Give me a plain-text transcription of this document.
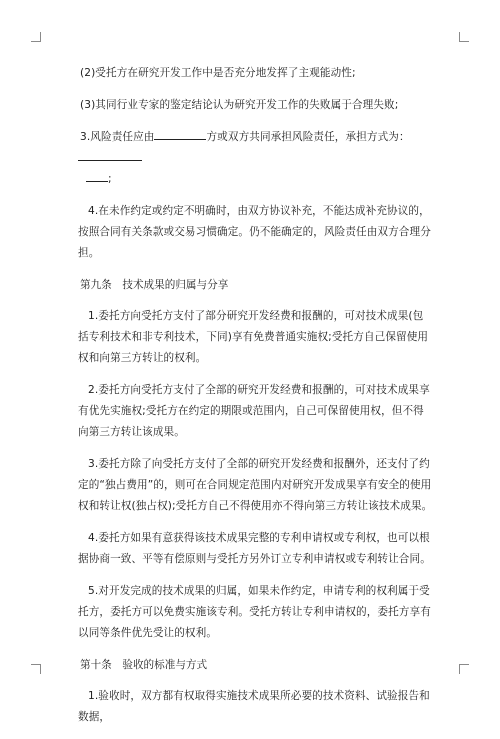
(2)受托方在研究开发工作中是否充分地发挥了主观能动性;

(3)其同行业专家的鉴定结论认为研究开发工作的失败属于合理失败;

3.风险责任应由	方或双方共同承担风险责任，承担方式为：
;

4.在未作约定或约定不明确时，由双方协议补充，不能达成补充协议的，按照合同有关条款或交易习惯确定。仍不能确定的，风险责任由双方合理分担。

第九条　技术成果的归属与分享

1.委托方向受托方支付了部分研究开发经费和报酬的，可对技术成果(包括专利技术和非专利技术，下同)享有免费普通实施权;受托方自己保留使用权和向第三方转让的权利。

2.委托方向受托方支付了全部的研究开发经费和报酬的，可对技术成果享有优先实施权;受托方在约定的期限或范围内，自己可保留使用权，但不得向第三方转让该成果。

3.委托方除了向受托方支付了全部的研究开发经费和报酬外，还支付了约定的“独占费用”的，则可在合同规定范围内对研究开发成果享有安全的使用权和转让权(独占权);受托方自己不得使用亦不得向第三方转让该技术成果。

4.委托方如果有意获得该技术成果完整的专利申请权或专利权，也可以根据协商一致、平等有偿原则与受托方另外订立专利申请权或专利转让合同。

5.对开发完成的技术成果的归属，如果未作约定，申请专利的权利属于受托方，委托方可以免费实施该专利。受托方转让专利申请权的，委托方享有以同等条件优先受让的权利。

第十条　验收的标准与方式

1.验收时，双方都有权取得实施技术成果所必要的技术资料、试验报告和数据，
